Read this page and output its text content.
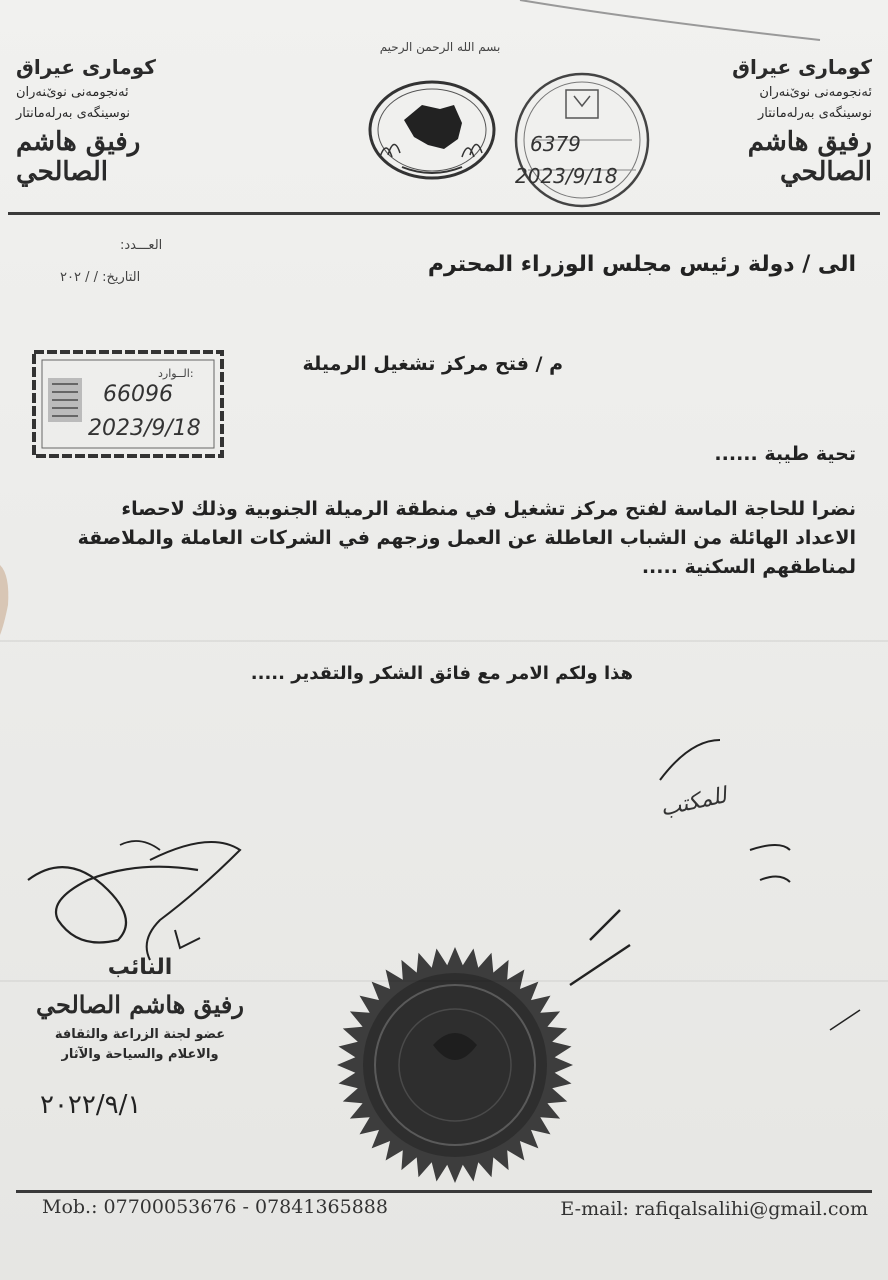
ﻛﻮﻣﺎرى ﻋﯿﺮاق
ﺋﻪﻧﺠﻮﻣﻪﻧﻰ ﻧﻮێﻨﻪران
ﻧﻮﺳﯿﻨﮕﻪى ﺑﻪرﻟﻪﻣﺎﻧﺘﺎر
رفيق هاشم الصالحي
ﻛﻮﻣﺎرى ﻋﯿﺮاق
ﺋﻪﻧﺠﻮﻣﻪﻧﻰ ﻧﻮێﻨﻪران
ﻧﻮﺳﯿﻨﮕﻪى ﺑﻪرﻟﻪﻣﺎﻧﺘﺎر
رفيق هاشم الصالحي
بسم الله الرحمن الرحيم
6379
2023/9/18
العـــدد:
التاريخ: / / ٢٠٢
الى / دولة رئيس مجلس الوزراء المحترم
الــوارد:
66096
2023/9/18
م / فتح مركز تشغيل الرميلة
تحية طيبة ......
نضرا للحاجة الماسة لفتح مركز تشغيل في منطقة الرميلة الجنوبية وذلك لاحصاء الاعداد الهائلة من الشباب العاطلة عن العمل وزجهم في الشركات العاملة والملاصقة لمناطقهم السكنية .....
هذا ولكم الامر مع فائق الشكر والتقدير .....
للمكتب
النائب
رفيق هاشم الصالحي
عضو لجنة الزراعة والثقافة
والاعلام والسياحة والآثار
٢٠٢٢/٩/١
Mob.: 07700053676 - 07841365888	E-mail: rafiqalsalihi@gmail.com
